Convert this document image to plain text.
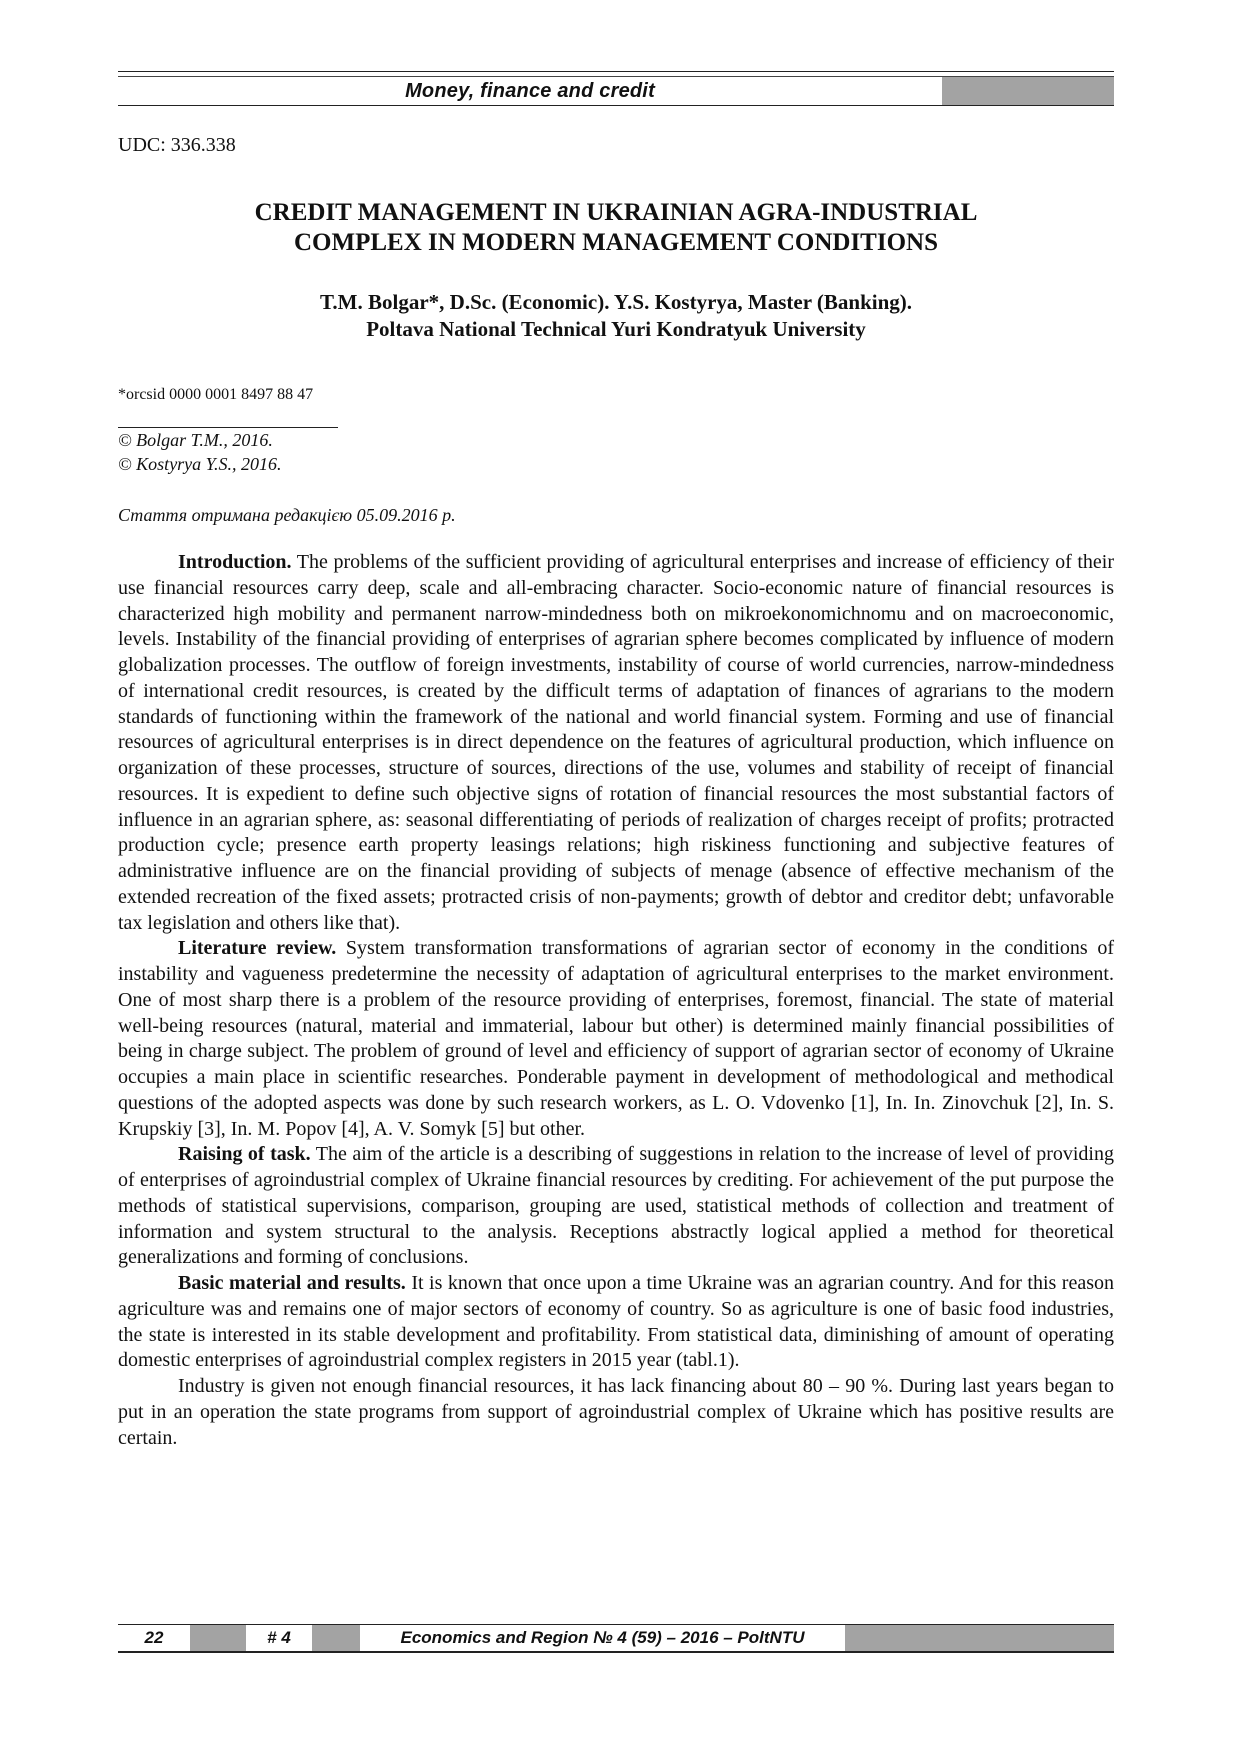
Money, finance and credit
UDC: 336.338
CREDIT MANAGEMENT IN UKRAINIAN AGRA-INDUSTRIAL
COMPLEX IN MODERN MANAGEMENT CONDITIONS
T.M. Bolgar*, D.Sc. (Economic). Y.S. Kostyrya, Master (Banking).
Poltava National Technical Yuri Kondratyuk University
*orcsid 0000 0001 8497 88 47
© Bolgar T.M., 2016.
© Kostyrya Y.S., 2016.
Стаття отримана редакцією 05.09.2016 р.

Introduction. The problems of the sufficient providing of agricultural enterprises and increase of efficiency of their use financial resources carry deep, scale and all-embracing character. Socio-economic nature of financial resources is characterized high mobility and permanent narrow-mindedness both on mikroekonomichnomu and on macroeconomic, levels. Instability of the financial providing of enterprises of agrarian sphere becomes complicated by influence of modern globalization processes. The outflow of foreign investments, instability of course of world currencies, narrow-mindedness of international credit resources, is created by the difficult terms of adaptation of finances of agrarians to the modern standards of functioning within the framework of the national and world financial system. Forming and use of financial resources of agricultural enterprises is in direct dependence on the features of agricultural production, which influence on organization of these processes, structure of sources, directions of the use, volumes and stability of receipt of financial resources. It is expedient to define such objective signs of rotation of financial resources the most substantial factors of influence in an agrarian sphere, as: seasonal differentiating of periods of realization of charges receipt of profits; protracted production cycle; presence earth property leasings relations; high riskiness functioning and subjective features of administrative influence are on the financial providing of subjects of menage (absence of effective mechanism of the extended recreation of the fixed assets; protracted crisis of non-payments; growth of debtor and creditor debt; unfavorable tax legislation and others like that).

Literature review. System transformation transformations of agrarian sector of economy in the conditions of instability and vagueness predetermine the necessity of adaptation of agricultural enterprises to the market environment. One of most sharp there is a problem of the resource providing of enterprises, foremost, financial. The state of material well-being resources (natural, material and immaterial, labour but other) is determined mainly financial possibilities of being in charge subject. The problem of ground of level and efficiency of support of agrarian sector of economy of Ukraine occupies a main place in scientific researches. Ponderable payment in development of methodological and methodical questions of the adopted aspects was done by such research workers, as L. O. Vdovenko [1], In. In. Zinovchuk [2], In. S. Krupskiy [3], In. M. Popov [4], A. V. Somyk [5] but other.

Raising of task. The aim of the article is a describing of suggestions in relation to the increase of level of providing of enterprises of agroindustrial complex of Ukraine financial resources by crediting. For achievement of the put purpose the methods of statistical supervisions, comparison, grouping are used, statistical methods of collection and treatment of information and system structural to the analysis. Receptions abstractly logical applied a method for theoretical generalizations and forming of conclusions.

Basic material and results. It is known that once upon a time Ukraine was an agrarian country. And for this reason agriculture was and remains one of major sectors of economy of country. So as agriculture is one of basic food industries, the state is interested in its stable development and profitability. From statistical data, diminishing of amount of operating domestic enterprises of agroindustrial complex registers in 2015 year (tabl.1).

Industry is given not enough financial resources, it has lack financing about 80 – 90 %. During last years began to put in an operation the state programs from support of agroindustrial complex of Ukraine which has positive results are certain.

22	# 4	Economics and Region № 4 (59) – 2016 – PoltNTU
